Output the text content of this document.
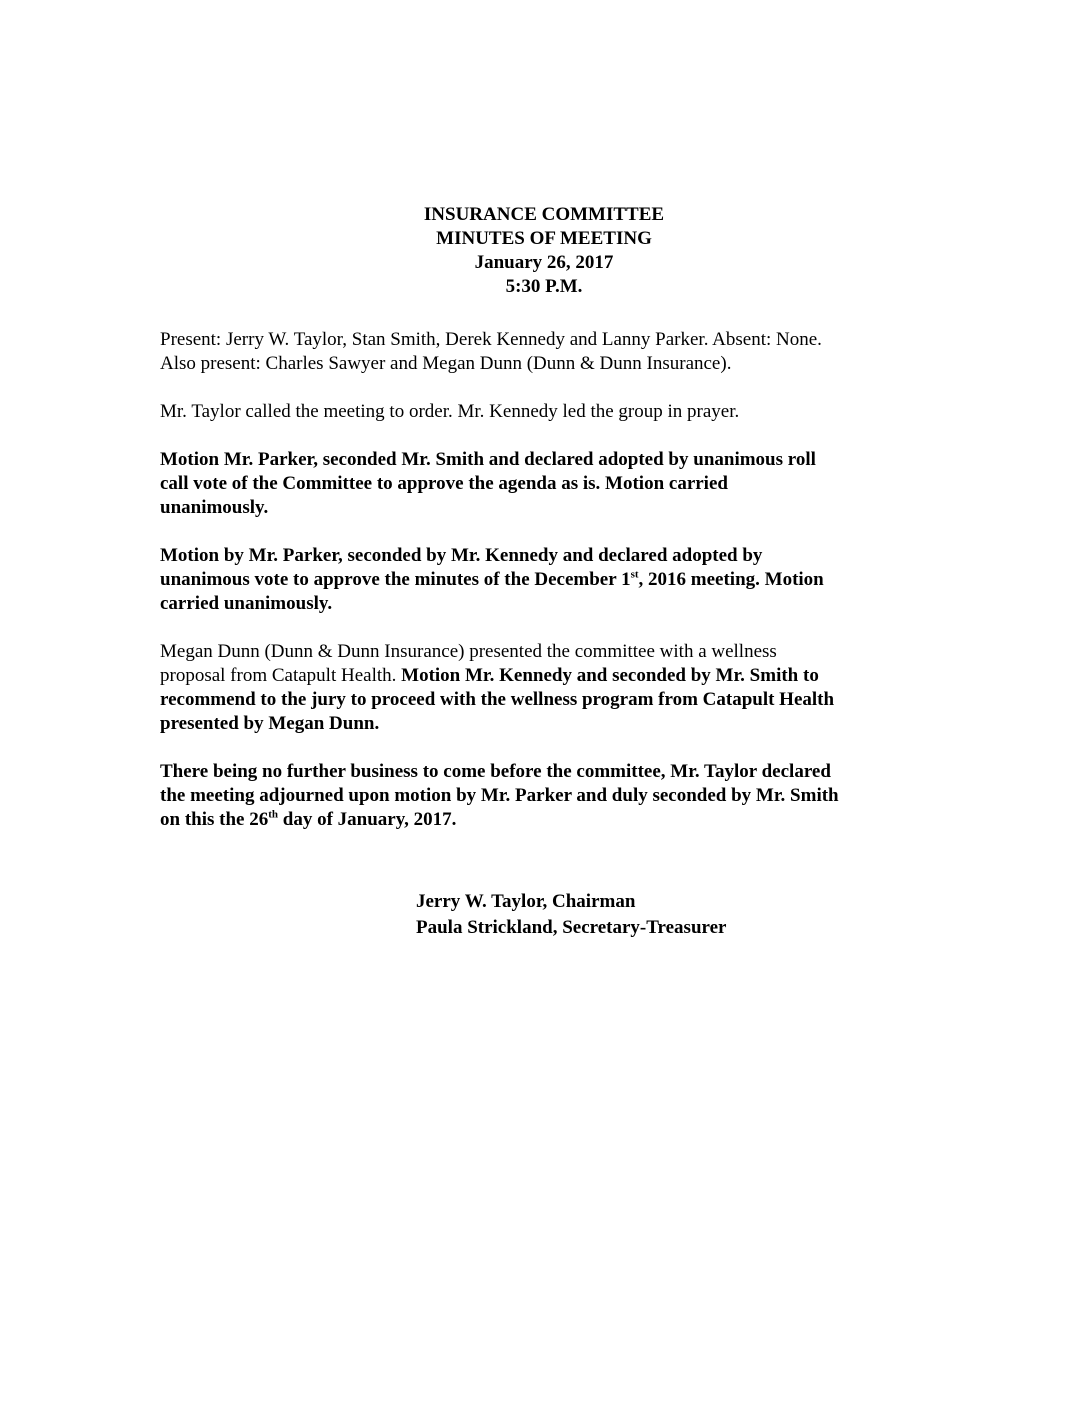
INSURANCE COMMITTEE
MINUTES OF MEETING
January 26, 2017
5:30 P.M.
Present: Jerry W. Taylor, Stan Smith, Derek Kennedy and Lanny Parker. Absent: None.
Also present: Charles Sawyer and Megan Dunn (Dunn & Dunn Insurance).
Mr. Taylor called the meeting to order. Mr. Kennedy led the group in prayer.
Motion Mr. Parker, seconded Mr. Smith and declared adopted by unanimous roll
call vote of the Committee to approve the agenda as is. Motion carried
unanimously.
Motion by Mr. Parker, seconded by Mr. Kennedy and declared adopted by
unanimous vote to approve the minutes of the December 1st, 2016 meeting. Motion
carried unanimously.
Megan Dunn (Dunn & Dunn Insurance) presented the committee with a wellness
proposal from Catapult Health. Motion Mr. Kennedy and seconded by Mr. Smith to
recommend to the jury to proceed with the wellness program from Catapult Health
presented by Megan Dunn.
There being no further business to come before the committee, Mr. Taylor declared
the meeting adjourned upon motion by Mr. Parker and duly seconded by Mr. Smith
on this the 26th day of January, 2017.
Jerry W. Taylor, Chairman
Paula Strickland, Secretary-Treasurer
